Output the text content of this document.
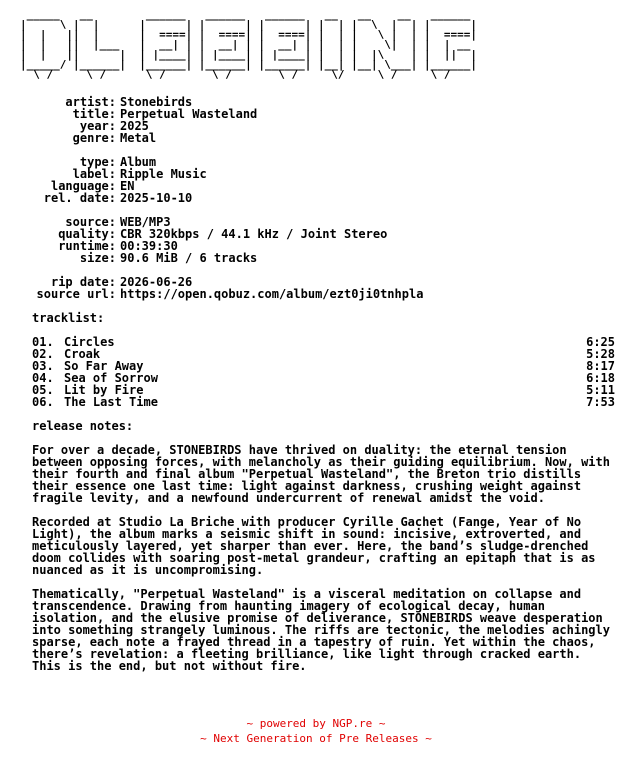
_____   __        ______   ______   ______   __   __    __   ______
|     \ |  |      |      | |      | |      | |  | |  \  |  | |      |
|  |   ||  |      |  ====| |  ====| |  ====| |  | |   \ |  | |  ====|
|  |   ||  |___   |  __| | |  __| | |  __| | |  | |    \|  | |  | __
|  |   ||      |  | |____| | |____| | |____| |  | |  |\    | |  ||  |
|_____/ |______|  |______| |______| |______| |__| |__| \___| |______|
\ /     \ /      \ /       \ /       \ /     \/     \ /     \ /
artist: Stonebirds
title: Perpetual Wasteland
year: 2025
genre: Metal
type: Album
label: Ripple Music
language: EN
rel. date: 2025-10-10
source: WEB/MP3
quality: CBR 320kbps / 44.1 kHz / Joint Stereo
runtime: 00:39:30
size: 90.6 MiB / 6 tracks
rip date: 2026-06-26
source url: https://open.qobuz.com/album/ezt0ji0tnhpla
tracklist:
01. Circles	6:25
02. Croak	5:28
03. So Far Away	8:17
04. Sea of Sorrow	6:18
05. Lit by Fire	5:11
06. The Last Time	7:53
release notes:
For over a decade, STONEBIRDS have thrived on duality: the eternal tension between opposing forces, with melancholy as their guiding equilibrium. Now, with their fourth and final album "Perpetual Wasteland", the Breton trio distills their essence one last time: light against darkness, crushing weight against fragile levity, and a newfound undercurrent of renewal amidst the void.
Recorded at Studio La Briche with producer Cyrille Gachet (Fange, Year of No Light), the album marks a seismic shift in sound: incisive, extroverted, and meticulously layered, yet sharper than ever. Here, the band’s sludge-drenched doom collides with soaring post-metal grandeur, crafting an epitaph that is as nuanced as it is uncompromising.
Thematically, "Perpetual Wasteland" is a visceral meditation on collapse and transcendence. Drawing from haunting imagery of ecological decay, human isolation, and the elusive promise of deliverance, STONEBIRDS weave desperation into something strangely luminous. The riffs are tectonic, the melodies achingly sparse, each note a frayed thread in a tapestry of ruin. Yet within the chaos, there’s revelation: a fleeting brilliance, like light through cracked earth. This is the end, but not without fire.
~ powered by NGP.re ~
~ Next Generation of Pre Releases ~
